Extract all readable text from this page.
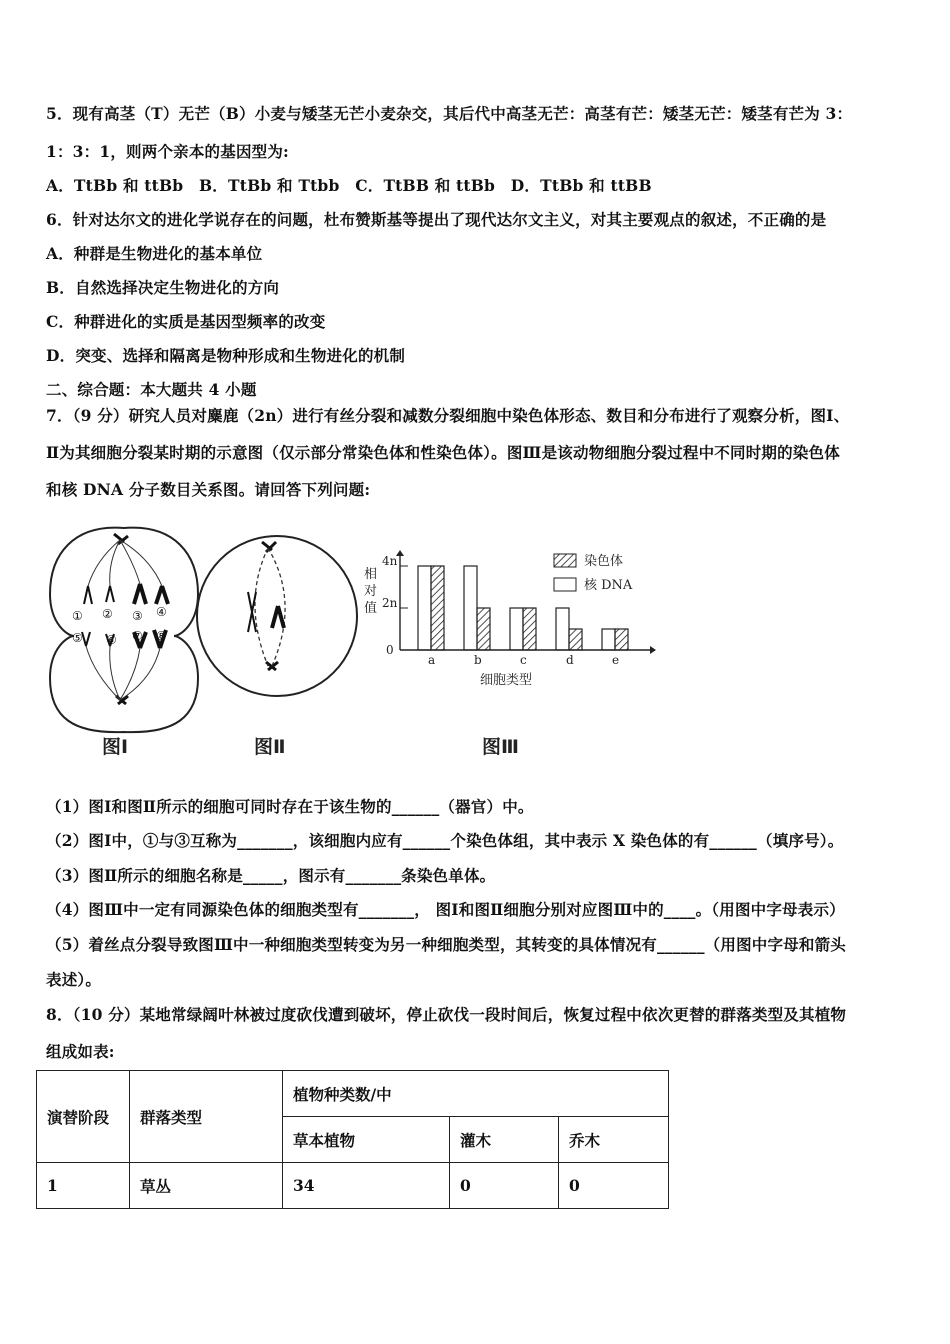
5．现有高茎（T）无芒（B）小麦与矮茎无芒小麦杂交，其后代中高茎无芒：高茎有芒：矮茎无芒：矮茎有芒为 3：
1：3：1，则两个亲本的基因型为:
A．TtBb 和 ttBb　B．TtBb 和 Ttbb　C．TtBB 和 ttBb　D．TtBb 和 ttBB
6．针对达尔文的进化学说存在的问题，杜布赞斯基等提出了现代达尔文主义，对其主要观点的叙述，不正确的是
A．种群是生物进化的基本单位
B．自然选择决定生物进化的方向
C．种群进化的实质是基因型频率的改变
D．突变、选择和隔离是物种形成和生物进化的机制
二、综合题：本大题共 4 小题
7．（9 分）研究人员对麋鹿（2n）进行有丝分裂和减数分裂细胞中染色体形态、数目和分布进行了观察分析，图Ⅰ、
Ⅱ为其细胞分裂某时期的示意图（仅示部分常染色体和性染色体）。图Ⅲ是该动物细胞分裂过程中不同时期的染色体
和核 DNA 分子数目关系图。请回答下列问题:
① ② ③ ④
⑤ ⑥ ⑦ ⑧
a	b	c	d	e
相
对
值
细胞类型
0
2n
4n	染色体
核 DNA
图Ⅰ	图Ⅱ	图Ⅲ
（1）图Ⅰ和图Ⅱ所示的细胞可同时存在于该生物的______（器官）中。
（2）图Ⅰ中，①与③互称为_______，该细胞内应有______个染色体组，其中表示 X 染色体的有______（填序号）。
（3）图Ⅱ所示的细胞名称是_____，图示有_______条染色单体。
（4）图Ⅲ中一定有同源染色体的细胞类型有_______， 图Ⅰ和图Ⅱ细胞分别对应图Ⅲ中的____。（用图中字母表示）
（5）着丝点分裂导致图Ⅲ中一种细胞类型转变为另一种细胞类型，其转变的具体情况有______（用图中字母和箭头
表述）。
8．（10 分）某地常绿阔叶林被过度砍伐遭到破坏，停止砍伐一段时间后，恢复过程中依次更替的群落类型及其植物
组成如表:
演替阶段	群落类型	植物种类数/中		
		草本植物	灌木	乔木
1	草丛	34	0	0
